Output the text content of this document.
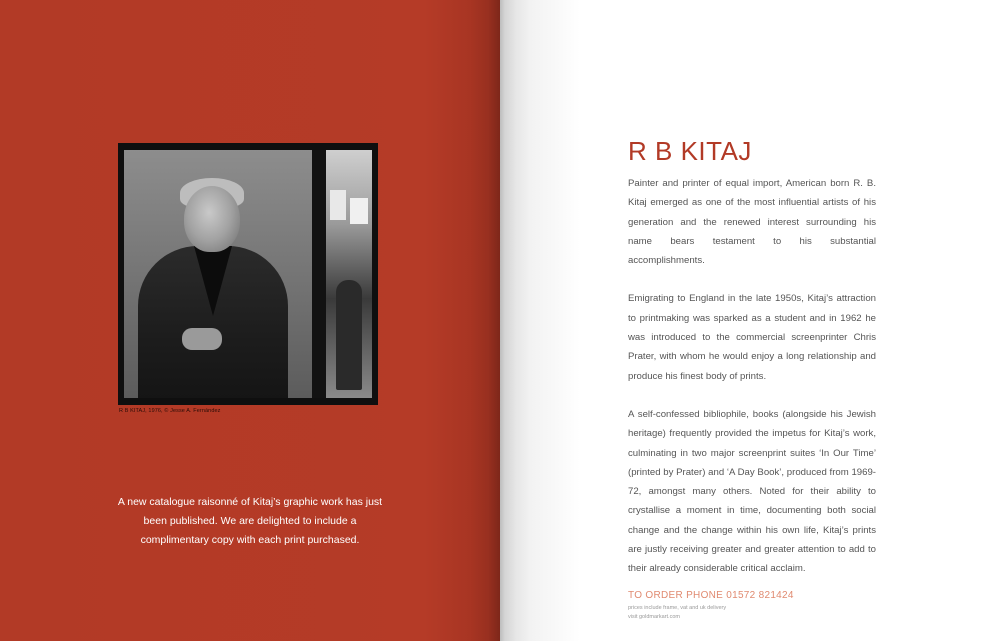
R B KITAJ, 1976, © Jesse A. Fernández
A new catalogue raisonné of Kitaj’s graphic work has just been published. We are delighted to include a complimentary copy with each print purchased.
R B KITAJ

Painter and printer of equal import, American born R. B. Kitaj emerged as one of the most influential artists of his generation and the renewed interest surrounding his name bears testament to his substantial accomplishments.

Emigrating to England in the late 1950s, Kitaj’s attraction to printmaking was sparked as a student and in 1962 he was introduced to the commercial screenprinter Chris Prater, with whom he would enjoy a long relationship and produce his finest body of prints.

A self-confessed bibliophile, books (alongside his Jewish heritage) frequently provided the impetus for Kitaj’s work, culminating in two major screenprint suites ‘In Our Time’ (printed by Prater) and ‘A Day Book’, produced from 1969-72, amongst many others. Noted for their ability to crystallise a moment in time, documenting both social change and the change within his own life, Kitaj’s prints are justly receiving greater and greater attention to add to their already considerable critical acclaim.

TO ORDER PHONE 01572 821424
prices include frame, vat and uk delivery
visit goldmarkart.com
